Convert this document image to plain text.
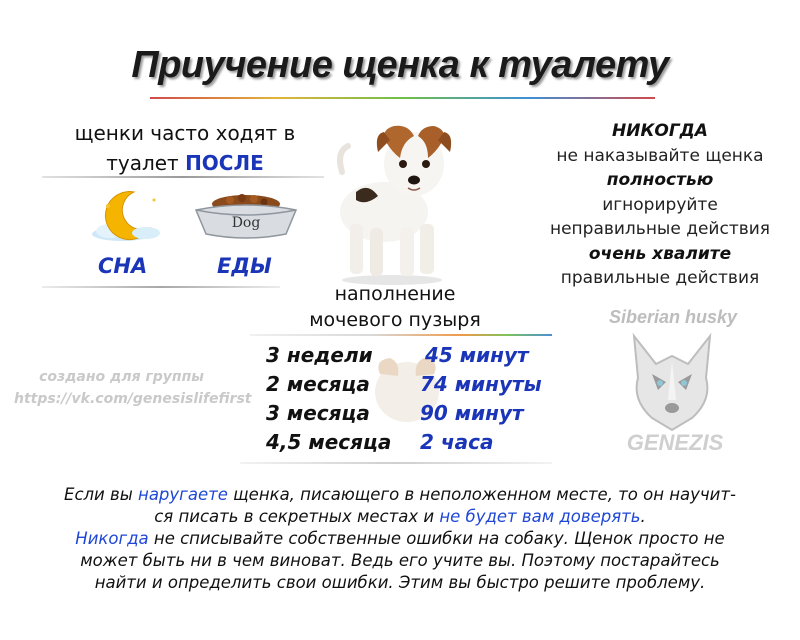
Приучение щенка к туалету
щенки часто ходят в
туалет ПОСЛЕ
Dog
СНА	ЕДЫ
НИКОГДА
не наказывайте щенка
полностью
игнорируйте
неправильные действия
очень хвалите
правильные действия
наполнение
мочевого пузыря
3 недели	45 минут
2 месяца	74 минуты
3 месяца	90 минут
4,5 месяца 2 часа
создано для группы
https://vk.com/genesislifefirst
Siberian husky
GENEZIS
Если вы наругаете щенка, писающего в неположенном месте, то он научит-
ся писать в секретных местах и не будет вам доверять.
Никогда не списывайте собственные ошибки на собаку. Щенок просто не
может быть ни в чем виноват. Ведь его учите вы. Поэтому постарайтесь
найти и определить свои ошибки. Этим вы быстро решите проблему.
